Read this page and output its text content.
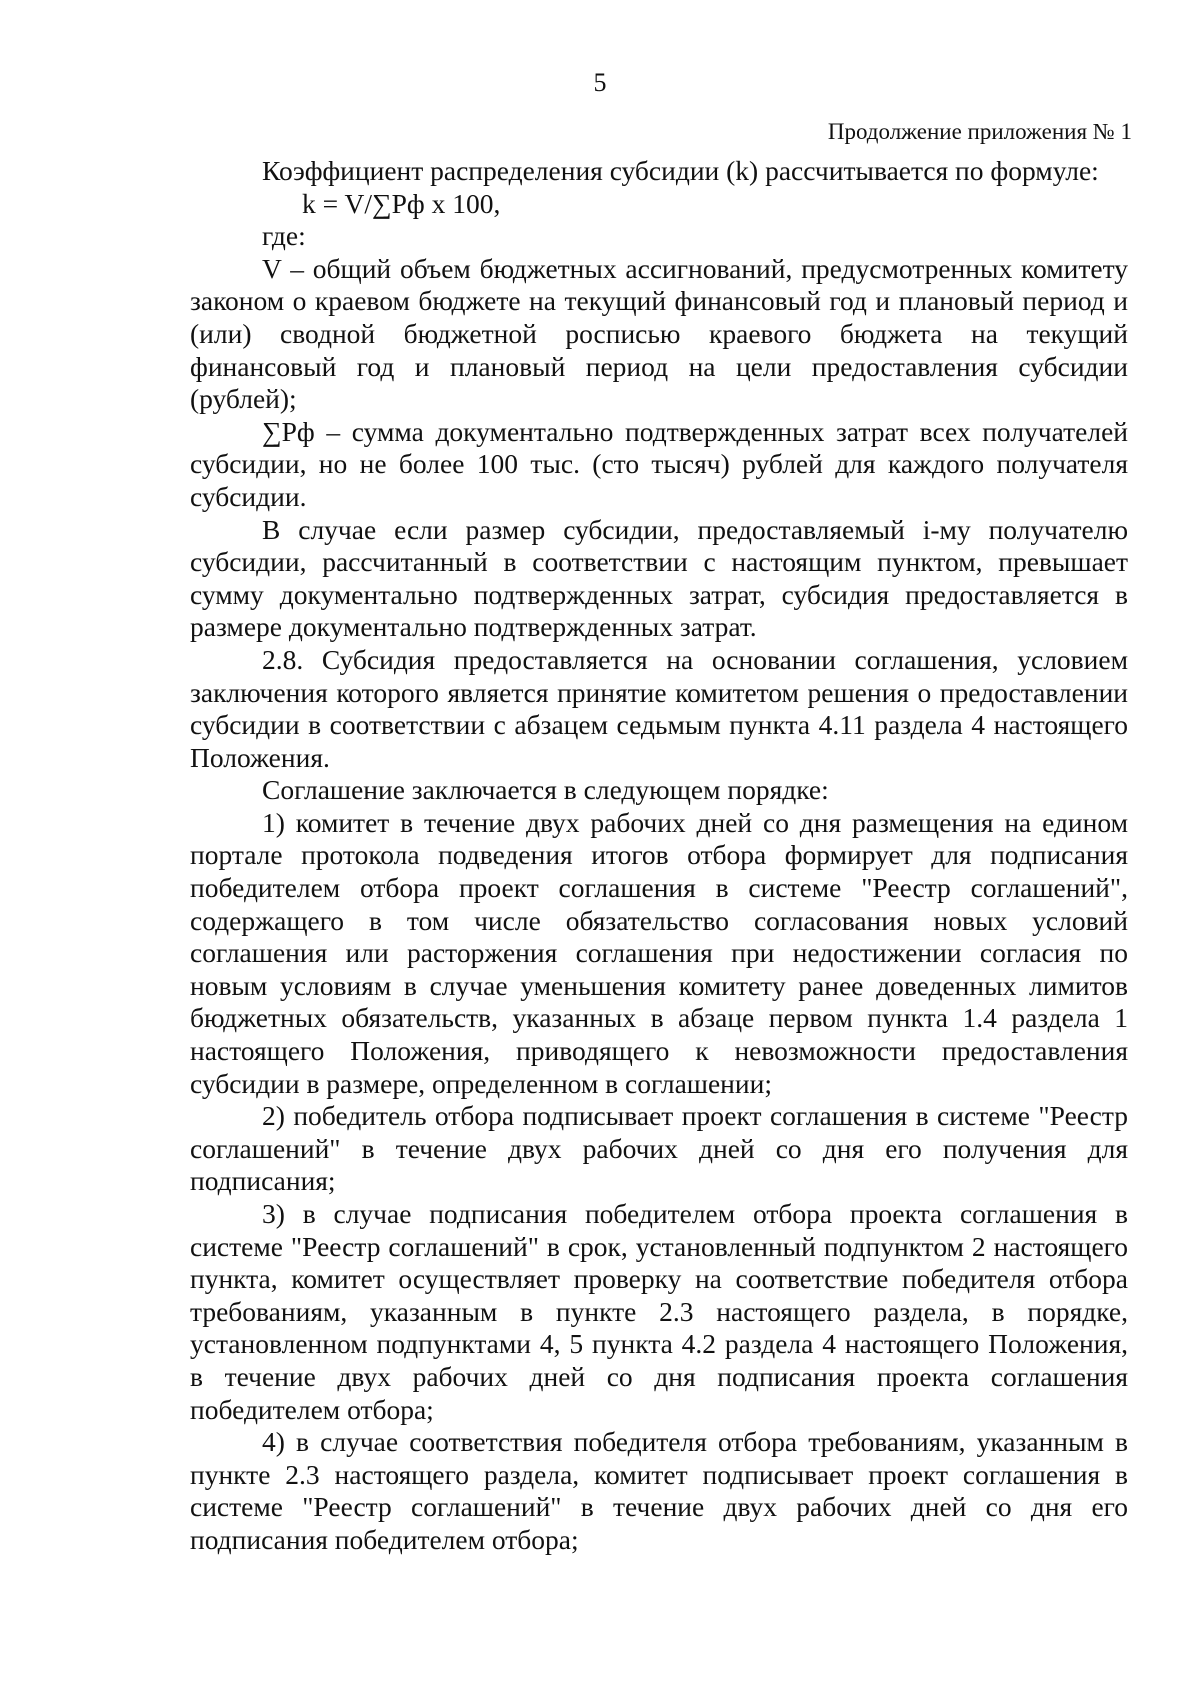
5
Продолжение приложения № 1

Коэффициент распределения субсидии (k) рассчитывается по формуле:

k = V/∑Pф х 100,

где:

V – общий объем бюджетных ассигнований, предусмотренных комитету законом о краевом бюджете на текущий финансовый год и плановый период и (или) сводной бюджетной росписью краевого бюджета на текущий финансовый год и плановый период на цели предоставления субсидии (рублей);

∑Pф – сумма документально подтвержденных затрат всех получателей субсидии, но не более 100 тыс. (сто тысяч) рублей для каждого получателя субсидии.

В случае если размер субсидии, предоставляемый i-му получателю субсидии, рассчитанный в соответствии с настоящим пунктом, превышает сумму документально подтвержденных затрат, субсидия предоставляется в размере документально подтвержденных затрат.

2.8. Субсидия предоставляется на основании соглашения, условием заключения которого является принятие комитетом решения о предоставлении субсидии в соответствии с абзацем седьмым пункта 4.11 раздела 4 настоящего Положения.

Соглашение заключается в следующем порядке:

1) комитет в течение двух рабочих дней со дня размещения на едином портале протокола подведения итогов отбора формирует для подписания победителем отбора проект соглашения в системе "Реестр соглашений", содержащего в том числе обязательство согласования новых условий соглашения или расторжения соглашения при недостижении согласия по новым условиям в случае уменьшения комитету ранее доведенных лимитов бюджетных обязательств, указанных в абзаце первом пункта 1.4 раздела 1 настоящего Положения, приводящего к невозможности предоставления субсидии в размере, определенном в соглашении;

2) победитель отбора подписывает проект соглашения в системе "Реестр соглашений" в течение двух рабочих дней со дня его получения для подписания;

3) в случае подписания победителем отбора проекта соглашения в системе "Реестр соглашений" в срок, установленный подпунктом 2 настоящего пункта, комитет осуществляет проверку на соответствие победителя отбора требованиям, указанным в пункте 2.3 настоящего раздела, в порядке, установленном подпунктами 4, 5 пункта 4.2 раздела 4 настоящего Положения, в течение двух рабочих дней со дня подписания проекта соглашения победителем отбора;

4) в случае соответствия победителя отбора требованиям, указанным в пункте 2.3 настоящего раздела, комитет подписывает проект соглашения в системе "Реестр соглашений" в течение двух рабочих дней со дня его подписания победителем отбора;
